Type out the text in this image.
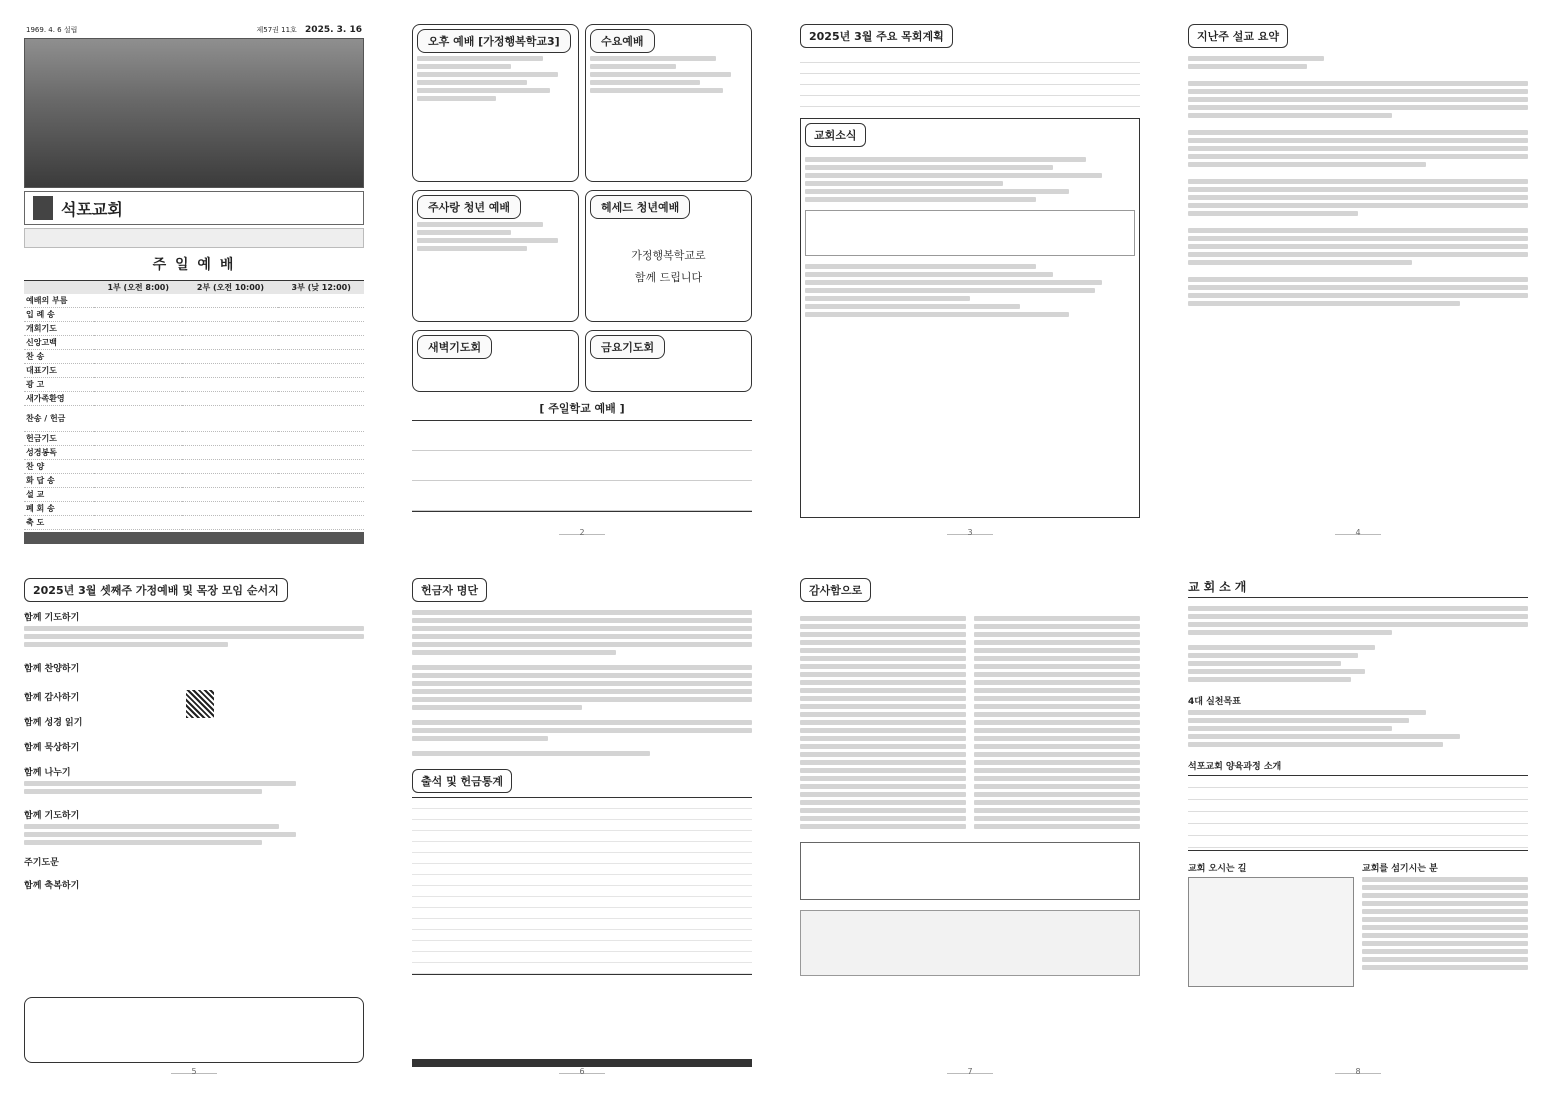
1969. 4. 6 설립	제57권 11호 2025. 3. 16
석포교회
주 일 예 배
	1부 (오전 8:00)	2부 (오전 10:00)	3부 (낮 12:00)
예배의 부름			
입 례 송			
개회기도			
신앙고백			
찬 송			
대표기도			
광 고			
새가족환영			
찬송 / 헌금			
헌금기도			
성경봉독			
찬 양			
화 답 송			
설 교			
폐 회 송			
축 도			
오후 예배 [가정행복학교3]	수요예배
주사랑 청년 예배	헤세드 청년예배
가정행복학교로
함께 드립니다
새벽기도회	금요기도회
[ 주일학교 예배 ]
2
2025년 3월 주요 목회계획
교회소식
3
지난주 설교 요약
4
2025년 3월 셋째주 가정예배 및 목장 모임 순서지
함께 기도하기
함께 찬양하기
함께 감사하기
함께 성경 읽기
함께 묵상하기
함께 나누기
함께 기도하기
주기도문
함께 축복하기
5
헌금자 명단
출석 및 헌금통계
6
감사함으로
7
교회소개
4대 실천목표
석포교회 양육과정 소개
교회 오시는 길	교회를 섬기시는 분
8
